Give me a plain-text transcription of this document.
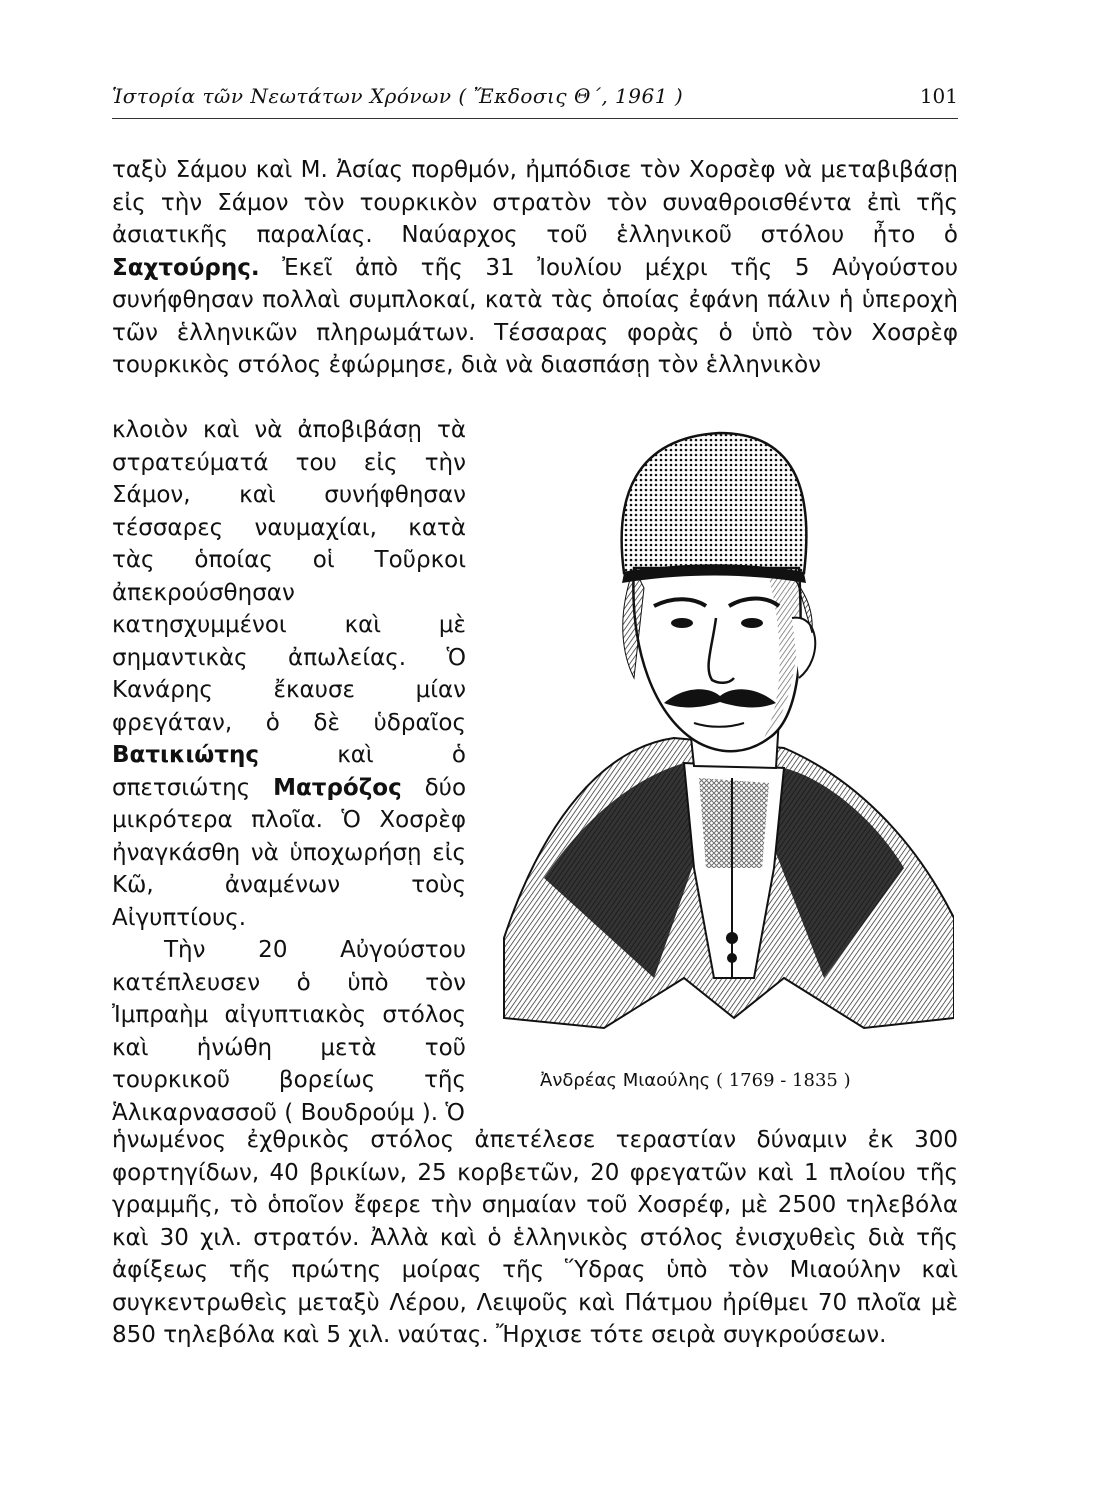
Ἱστορία τῶν Νεωτάτων Χρόνων ( Ἔκδοσις Θ΄, 1961 )	101
ταξὺ Σάμου καὶ Μ. Ἀσίας πορθμόν, ἠμπόδισε τὸν Χορσὲφ νὰ μεταβιβάσῃ εἰς τὴν Σάμον τὸν τουρκικὸν στρατὸν τὸν συναθροισθέντα ἐπὶ τῆς ἀσιατικῆς παραλίας. Ναύαρχος τοῦ ἑλληνικοῦ στόλου ἦτο ὁ Σαχτούρης. Ἐκεῖ ἀπὸ τῆς 31 Ἰουλίου μέχρι τῆς 5 Αὐγούστου συνήφθησαν πολλαὶ συμπλοκαί, κατὰ τὰς ὁποίας ἐφάνη πάλιν ἡ ὑπεροχὴ τῶν ἑλληνικῶν πληρωμάτων. Τέσσαρας φορὰς ὁ ὑπὸ τὸν Χοσρὲφ τουρκικὸς στόλος ἐφώρμησε, διὰ νὰ διασπάσῃ τὸν ἑλληνικὸν
κλοιὸν καὶ νὰ ἀποβιβάσῃ τὰ στρατεύματά του εἰς τὴν Σάμον, καὶ συνήφθησαν τέσσαρες ναυμαχίαι, κατὰ τὰς ὁποίας οἱ Τοῦρκοι ἀπεκρούσθησαν κατησχυμμένοι καὶ μὲ σημαντικὰς ἀπωλείας. Ὁ Κανάρης ἔκαυσε μίαν φρεγάταν, ὁ δὲ ὑδραῖος Βατικιώτης	καὶ ὁ σπετσιώτης Ματρόζος δύο μικρότερα πλοῖα. Ὁ Χοσρὲφ ἠναγκάσθη νὰ ὑποχωρήσῃ εἰς Κῶ, ἀναμένων τοὺς Αἰγυπτίους.
Τὴν 20 Αὐγούστου κατέπλευσεν ὁ ὑπὸ τὸν Ἰμπραὴμ αἰγυπτιακὸς στόλος καὶ ἡνώθη μετὰ τοῦ τουρκικοῦ βορείως τῆς Ἁλικαρνασσοῦ ( Βουδρούμ ). Ὁ
Ἀνδρέας Μιαούλης ( 1769 - 1835 )
ἡνωμένος ἐχθρικὸς στόλος ἀπετέλεσε τεραστίαν δύναμιν ἐκ 300 φορτηγίδων, 40 βρικίων, 25 κορβετῶν, 20 φρεγατῶν καὶ 1 πλοίου τῆς γραμμῆς, τὸ ὁποῖον ἔφερε τὴν σημαίαν τοῦ Χοσρέφ, μὲ 2500 τηλεβόλα καὶ 30 χιλ. στρατόν. Ἀλλὰ καὶ ὁ ἑλληνικὸς στόλος ἐνισχυθεὶς διὰ τῆς ἀφίξεως τῆς πρώτης μοίρας τῆς Ὕδρας ὑπὸ τὸν Μιαούλην καὶ συγκεντρωθεὶς μεταξὺ Λέρου, Λειψοῦς καὶ Πάτμου ἠρίθμει 70 πλοῖα μὲ 850 τηλεβόλα καὶ 5 χιλ. ναύτας. Ἤρχισε τότε σειρὰ συγκρούσεων.
